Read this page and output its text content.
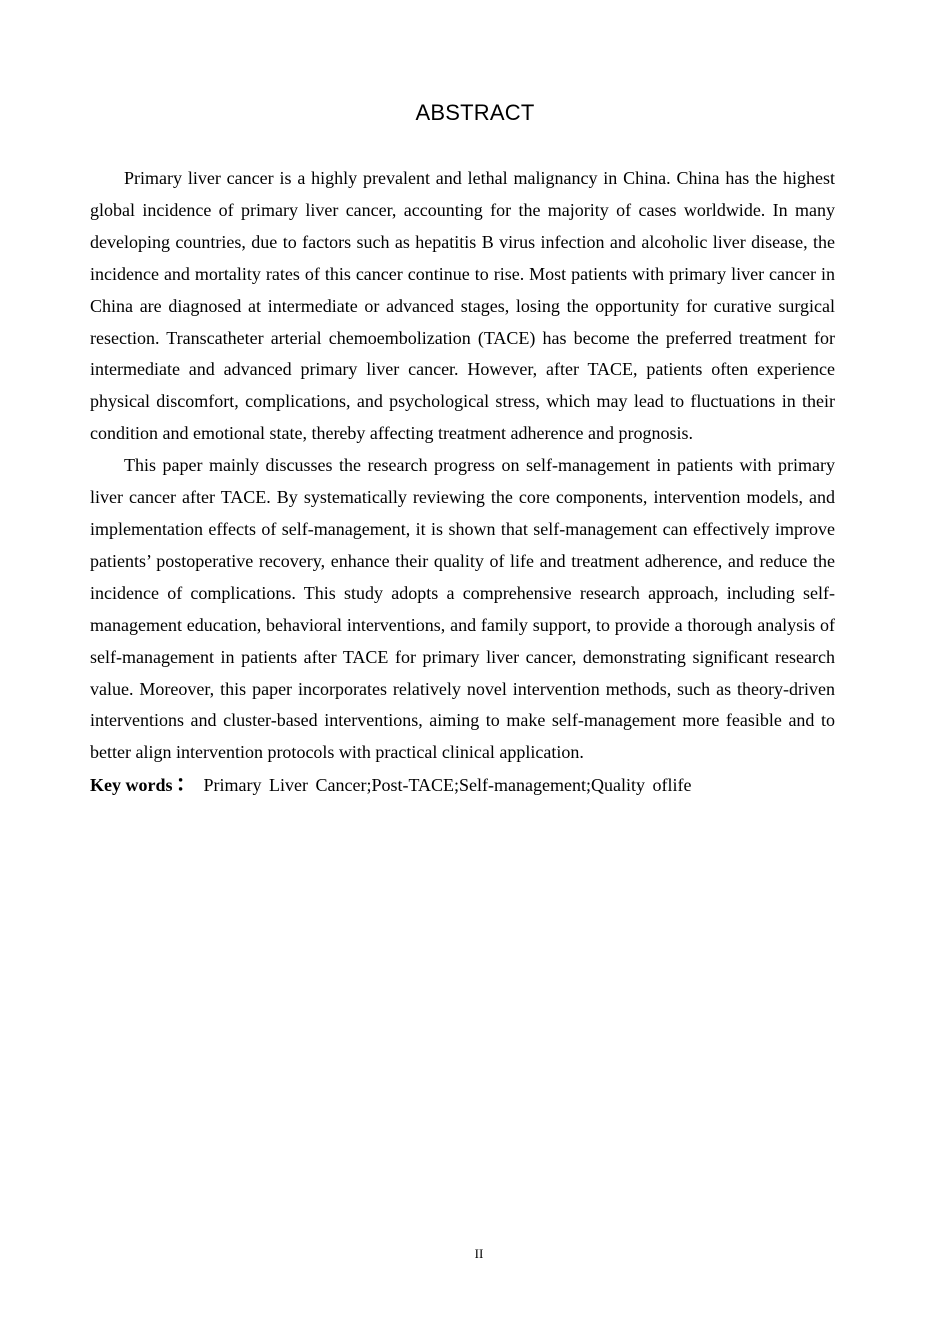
ABSTRACT

Primary liver cancer is a highly prevalent and lethal malignancy in China. China has the highest global incidence of primary liver cancer, accounting for the majority of cases worldwide. In many developing countries, due to factors such as hepatitis B virus infection and alcoholic liver disease, the incidence and mortality rates of this cancer continue to rise. Most patients with primary liver cancer in China are diagnosed at intermediate or advanced stages, losing the opportunity for curative surgical resection. Transcatheter arterial chemoembolization (TACE) has become the preferred treatment for intermediate and advanced primary liver cancer. However, after TACE, patients often experience physical discomfort, complications, and psychological stress, which may lead to fluctuations in their condition and emotional state, thereby affecting treatment adherence and prognosis.

This paper mainly discusses the research progress on self-management in patients with primary liver cancer after TACE. By systematically reviewing the core components, intervention models, and implementation effects of self-management, it is shown that self-management can effectively improve patients’ postoperative recovery, enhance their quality of life and treatment adherence, and reduce the incidence of complications. This study adopts a comprehensive research approach, including self-management education, behavioral interventions, and family support, to provide a thorough analysis of self-management in patients after TACE for primary liver cancer, demonstrating significant research value. Moreover, this paper incorporates relatively novel intervention methods, such as theory-driven interventions and cluster-based interventions, aiming to make self-management more feasible and to better align intervention protocols with practical clinical application.

Key words ： Primary Liver Cancer;Post-TACE;Self-management;Quality oflife

II
